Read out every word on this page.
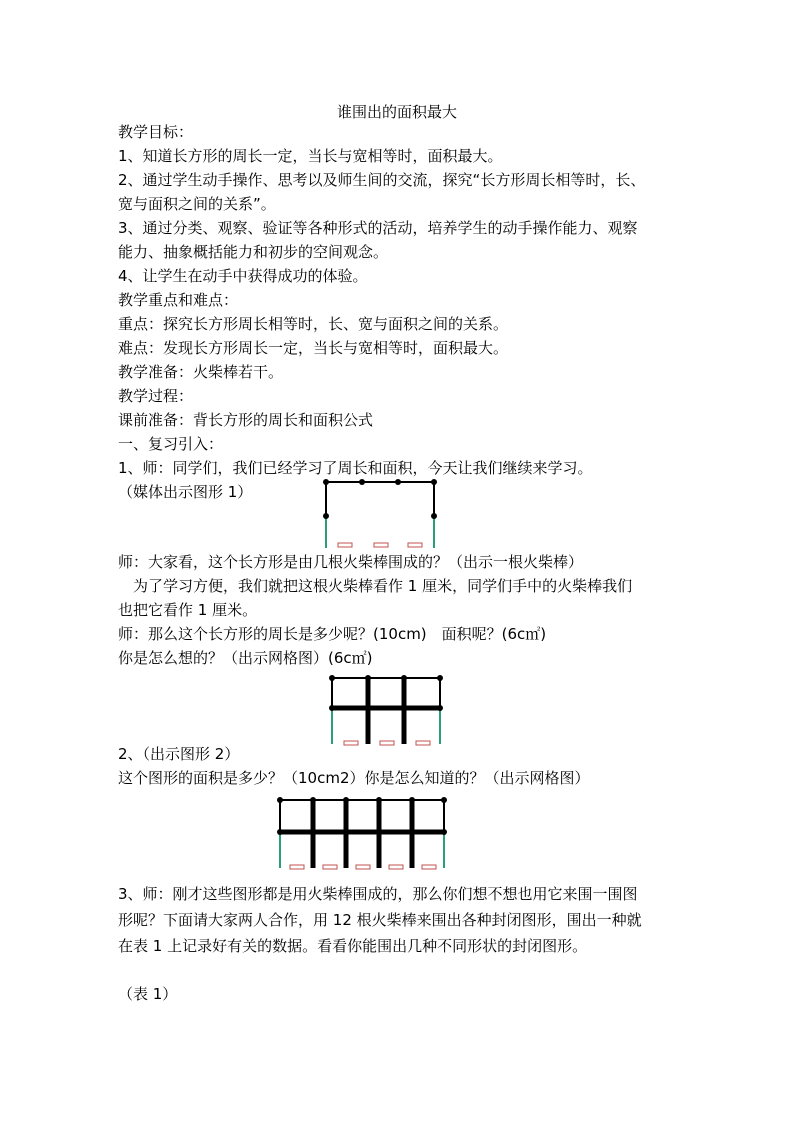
谁围出的面积最大
教学目标：
1、知道长方形的周长一定，当长与宽相等时，面积最大。
2、通过学生动手操作、思考以及师生间的交流，探究“长方形周长相等时，长、
宽与面积之间的关系”。
3、通过分类、观察、验证等各种形式的活动，培养学生的动手操作能力、观察
能力、抽象概括能力和初步的空间观念。
4、让学生在动手中获得成功的体验。
教学重点和难点：
重点：探究长方形周长相等时，长、宽与面积之间的关系。
难点：发现长方形周长一定，当长与宽相等时，面积最大。
教学准备：火柴棒若干。
教学过程：
课前准备：背长方形的周长和面积公式
一、复习引入：
1、师：同学们，我们已经学习了周长和面积，今天让我们继续来学习。
（媒体出示图形 1）
师：大家看，这个长方形是由几根火柴棒围成的？（出示一根火柴棒）
　为了学习方便，我们就把这根火柴棒看作 1 厘米，同学们手中的火柴棒我们
也把它看作 1 厘米。
师：那么这个长方形的周长是多少呢？(10cm)　面积呢？(6c㎡)
你是怎么想的？（出示网格图）(6c㎡)
2、（出示图形 2）
这个图形的面积是多少？（10cm2）你是怎么知道的？（出示网格图）
3、师：刚才这些图形都是用火柴棒围成的，那么你们想不想也用它来围一围图
形呢？下面请大家两人合作，用 12 根火柴棒来围出各种封闭图形，围出一种就
在表 1 上记录好有关的数据。看看你能围出几种不同形状的封闭图形。
（表 1）
